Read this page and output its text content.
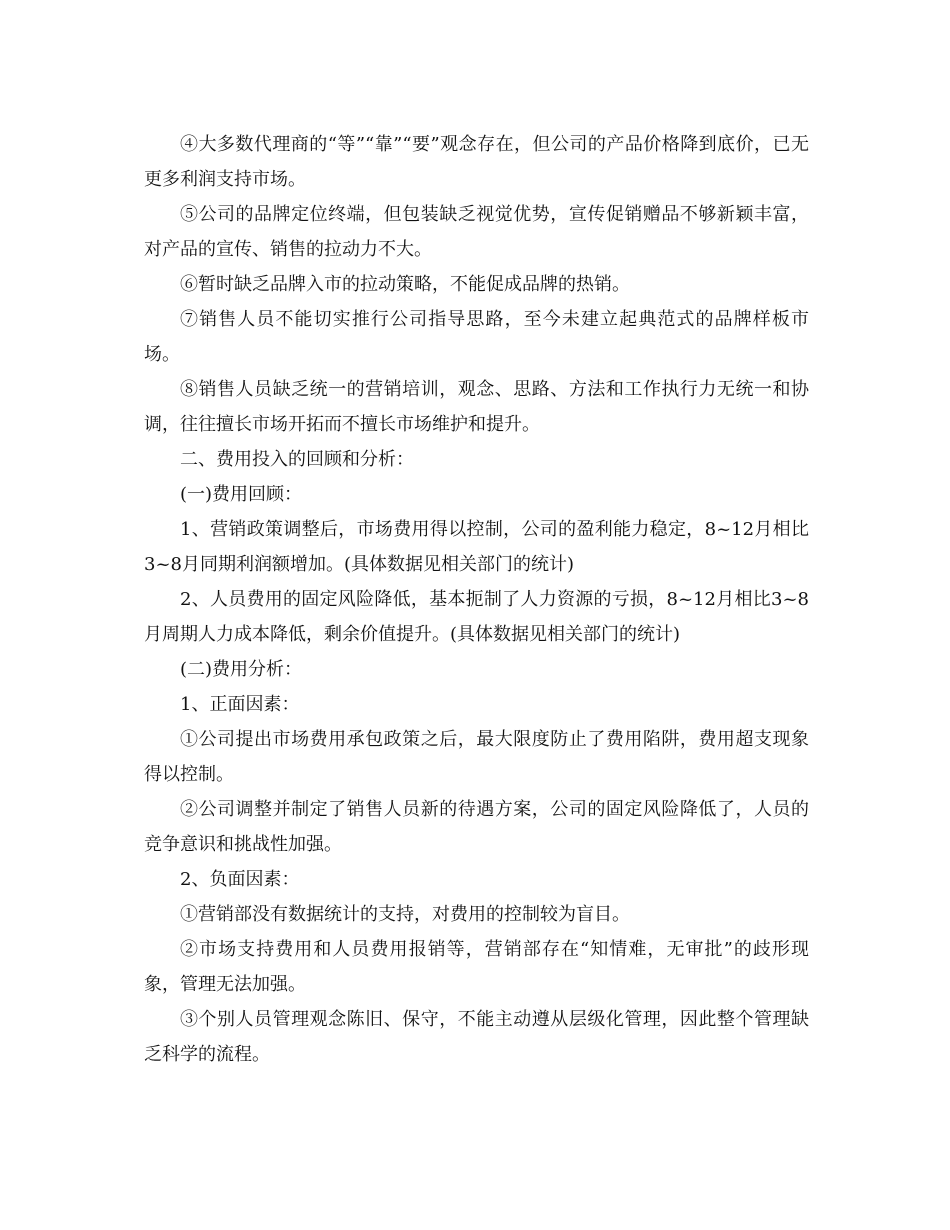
④大多数代理商的“等”“靠”“要”观念存在，但公司的产品价格降到底价，已无更多利润支持市场。

⑤公司的品牌定位终端，但包装缺乏视觉优势，宣传促销赠品不够新颖丰富，对产品的宣传、销售的拉动力不大。

⑥暂时缺乏品牌入市的拉动策略，不能促成品牌的热销。

⑦销售人员不能切实推行公司指导思路，至今未建立起典范式的品牌样板市场。

⑧销售人员缺乏统一的营销培训，观念、思路、方法和工作执行力无统一和协调，往往擅长市场开拓而不擅长市场维护和提升。

二、费用投入的回顾和分析：

(一)费用回顾：

1、营销政策调整后，市场费用得以控制，公司的盈利能力稳定，8~12月相比3~8月同期利润额增加。(具体数据见相关部门的统计)

2、人员费用的固定风险降低，基本扼制了人力资源的亏损，8~12月相比3~8月周期人力成本降低，剩余价值提升。(具体数据见相关部门的统计)

(二)费用分析：

1、正面因素：

①公司提出市场费用承包政策之后，最大限度防止了费用陷阱，费用超支现象得以控制。

②公司调整并制定了销售人员新的待遇方案，公司的固定风险降低了，人员的竞争意识和挑战性加强。

2、负面因素：

①营销部没有数据统计的支持，对费用的控制较为盲目。

②市场支持费用和人员费用报销等，营销部存在“知情难，无审批”的歧形现象，管理无法加强。

③个别人员管理观念陈旧、保守，不能主动遵从层级化管理，因此整个管理缺乏科学的流程。
